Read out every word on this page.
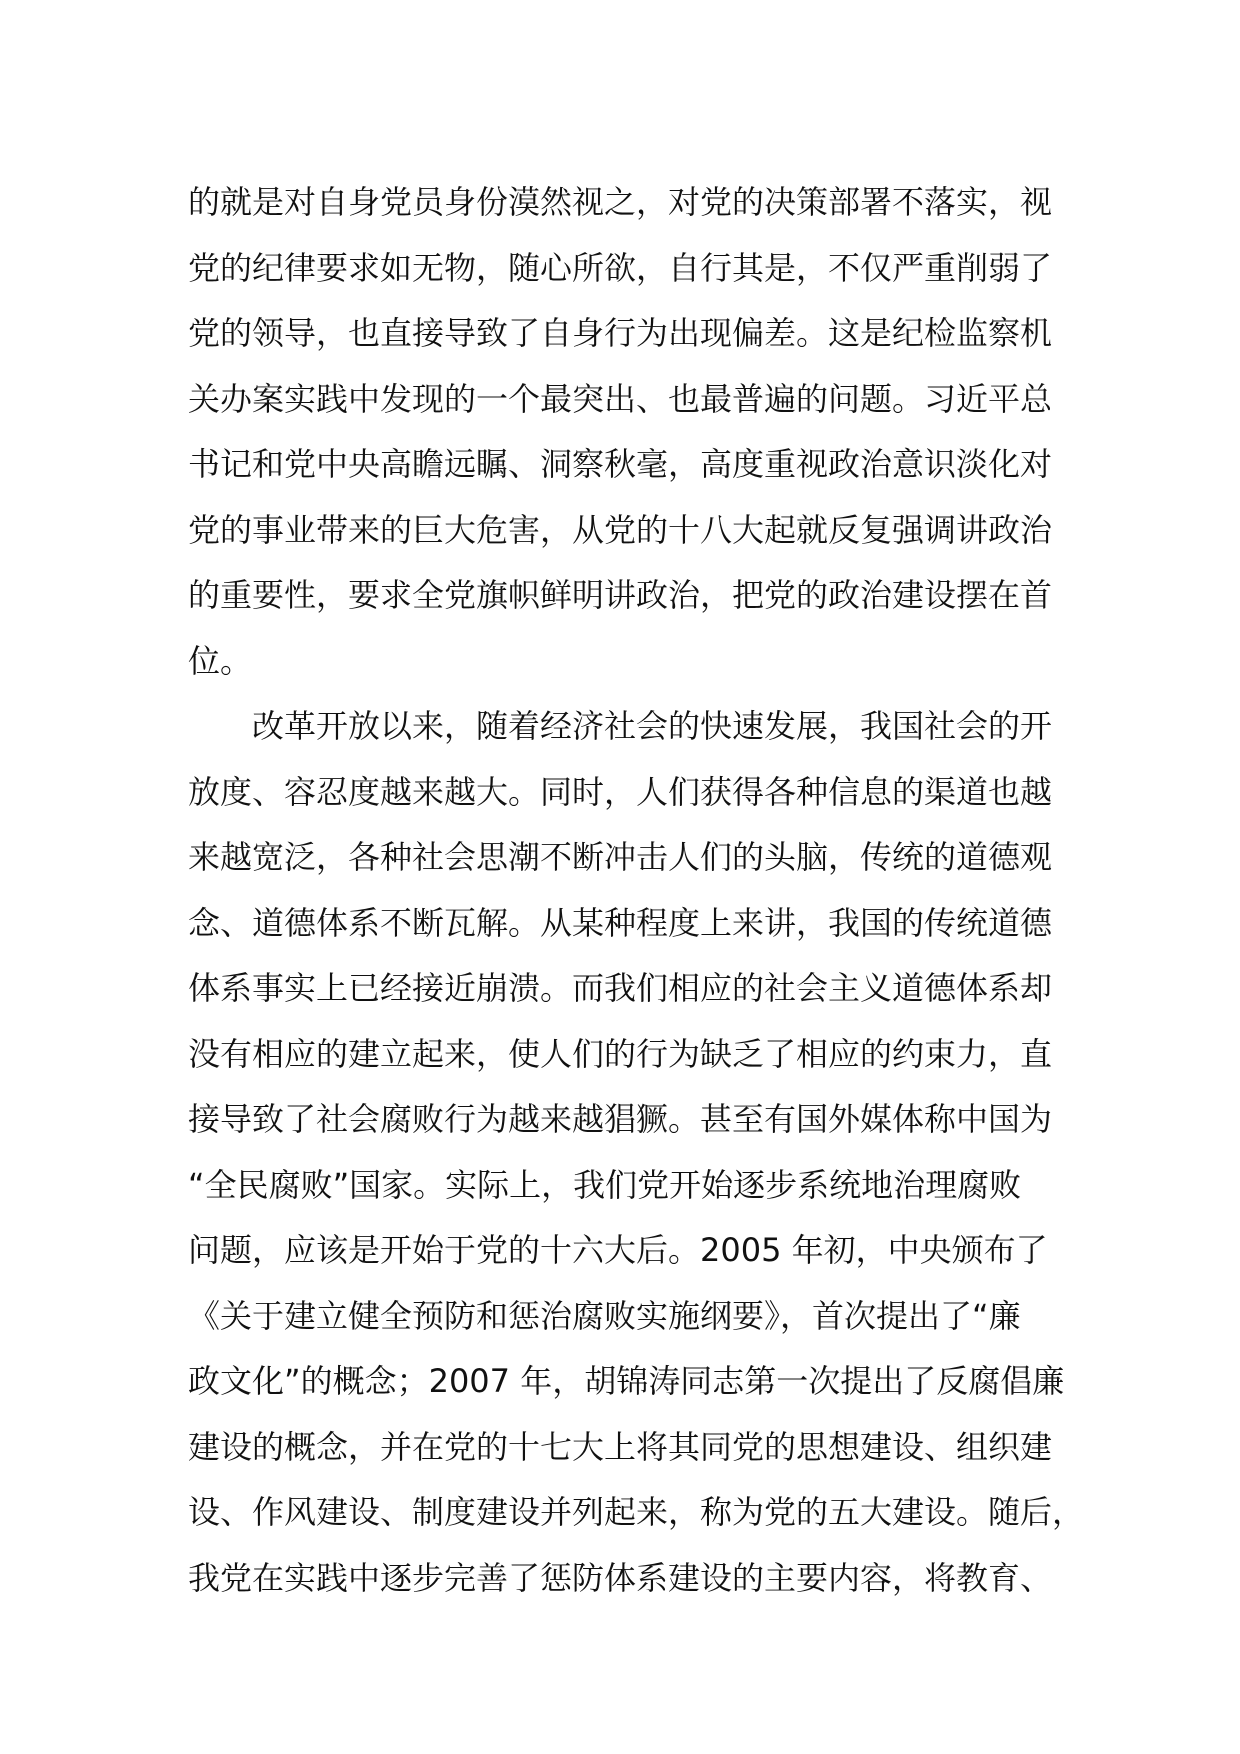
的就是对自身党员身份漠然视之，对党的决策部署不落实，视
党的纪律要求如无物，随心所欲，自行其是，不仅严重削弱了
党的领导，也直接导致了自身行为出现偏差。这是纪检监察机
关办案实践中发现的一个最突出、也最普遍的问题。习近平总
书记和党中央高瞻远瞩、洞察秋毫，高度重视政治意识淡化对
党的事业带来的巨大危害，从党的十八大起就反复强调讲政治
的重要性，要求全党旗帜鲜明讲政治，把党的政治建设摆在首
位。
改革开放以来，随着经济社会的快速发展，我国社会的开
放度、容忍度越来越大。同时，人们获得各种信息的渠道也越
来越宽泛，各种社会思潮不断冲击人们的头脑，传统的道德观
念、道德体系不断瓦解。从某种程度上来讲，我国的传统道德
体系事实上已经接近崩溃。而我们相应的社会主义道德体系却
没有相应的建立起来，使人们的行为缺乏了相应的约束力，直
接导致了社会腐败行为越来越猖獗。甚至有国外媒体称中国为
“全民腐败”国家。实际上，我们党开始逐步系统地治理腐败
问题，应该是开始于党的十六大后。2005 年初，中央颁布了
《关于建立健全预防和惩治腐败实施纲要》，首次提出了“廉
政文化”的概念；2007 年，胡锦涛同志第一次提出了反腐倡廉
建设的概念，并在党的十七大上将其同党的思想建设、组织建
设、作风建设、制度建设并列起来，称为党的五大建设。随后，
我党在实践中逐步完善了惩防体系建设的主要内容，将教育、
